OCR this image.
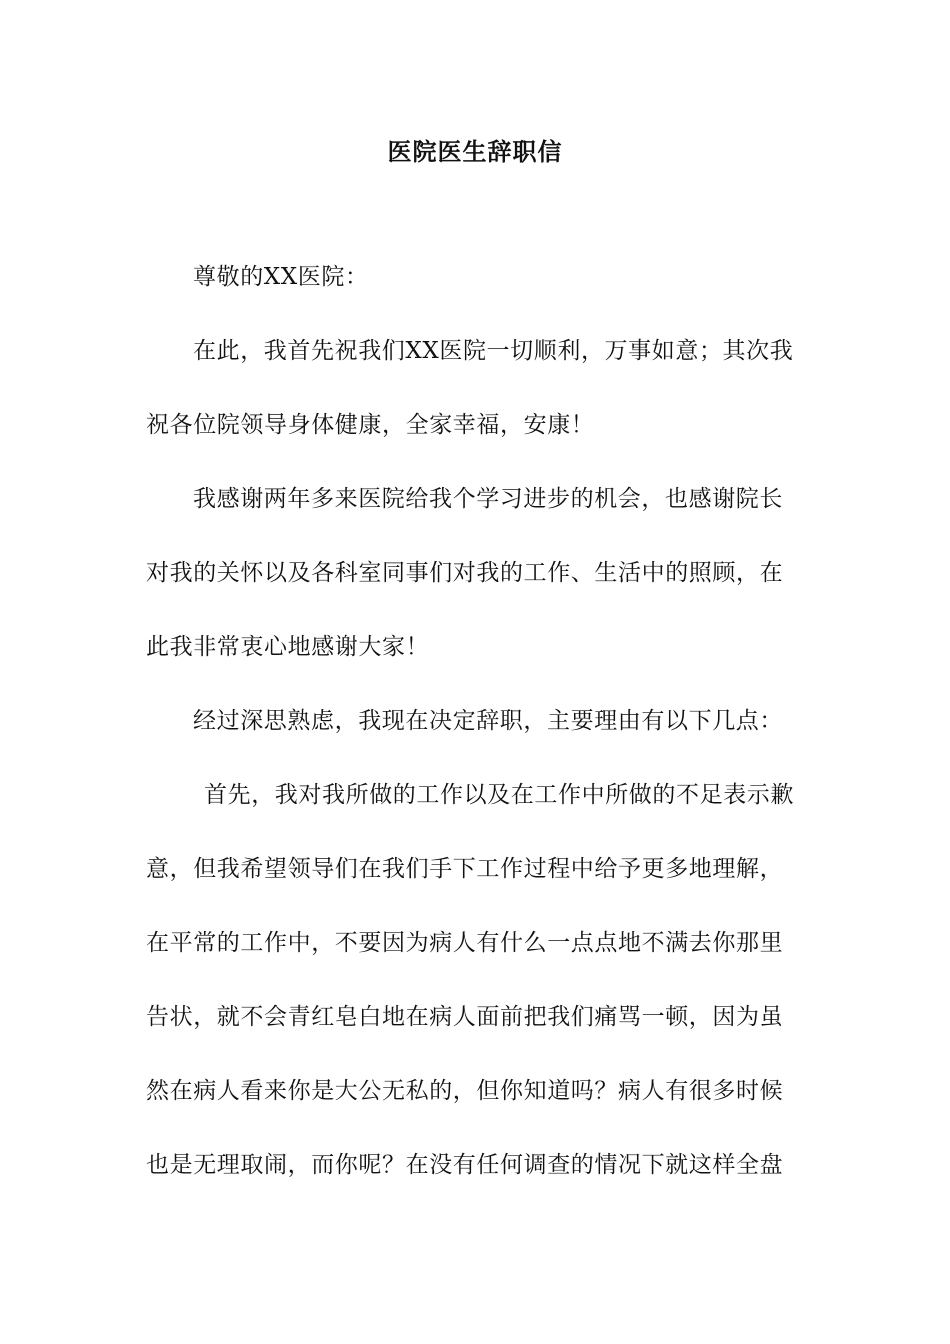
医院医生辞职信
尊敬的XX医院：
在此，我首先祝我们XX医院一切顺利，万事如意；其次我
祝各位院领导身体健康，全家幸福，安康！
我感谢两年多来医院给我个学习进步的机会，也感谢院长
对我的关怀以及各科室同事们对我的工作、生活中的照顾，在
此我非常衷心地感谢大家！
经过深思熟虑，我现在决定辞职，主要理由有以下几点：
首先，我对我所做的工作以及在工作中所做的不足表示歉
意，但我希望领导们在我们手下工作过程中给予更多地理解，
在平常的工作中，不要因为病人有什么一点点地不满去你那里
告状，就不会青红皂白地在病人面前把我们痛骂一顿，因为虽
然在病人看来你是大公无私的，但你知道吗？病人有很多时候
也是无理取闹，而你呢？在没有任何调查的情况下就这样全盘
